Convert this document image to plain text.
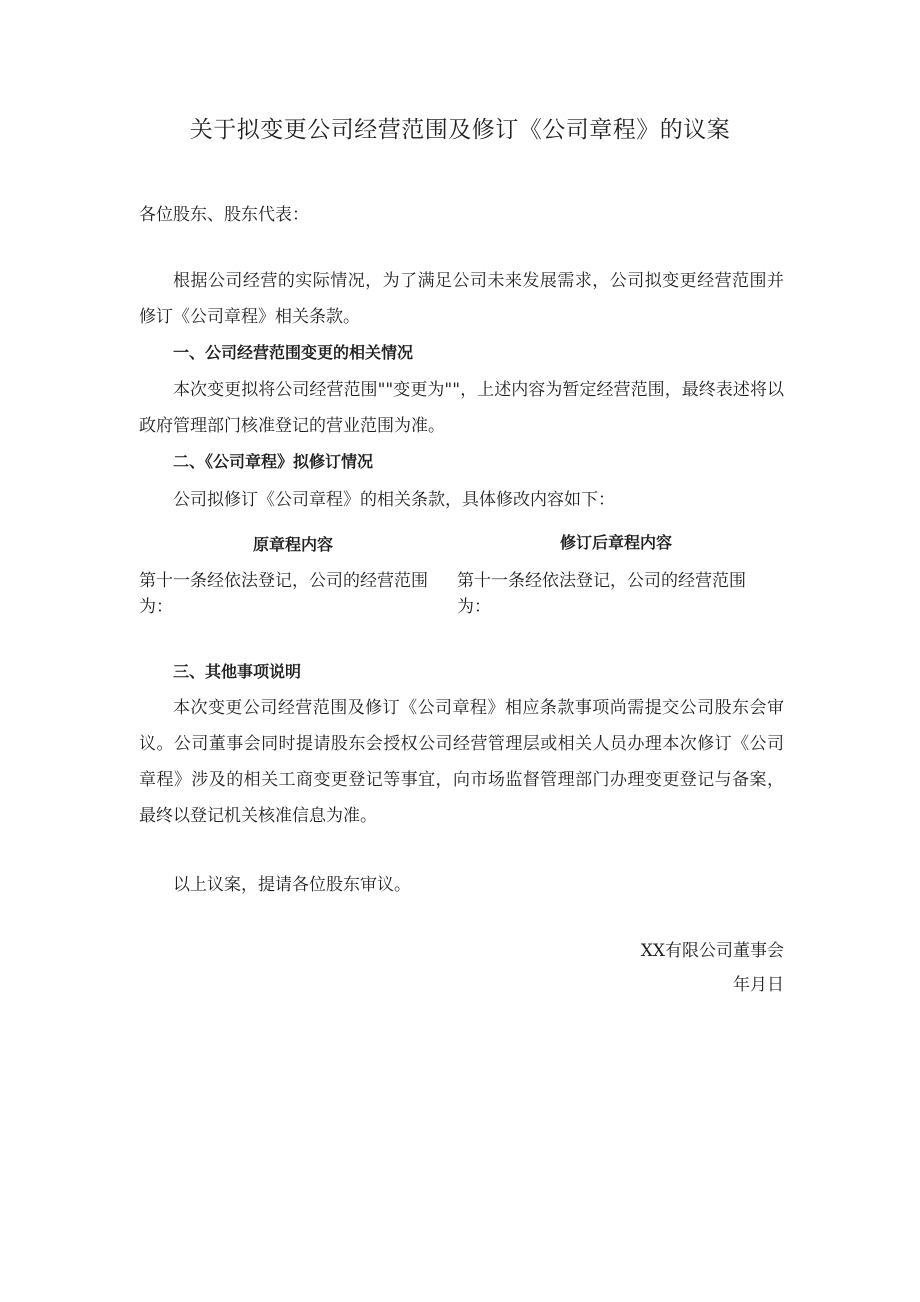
关于拟变更公司经营范围及修订《公司章程》的议案
各位股东、股东代表：
根据公司经营的实际情况，为了满足公司未来发展需求，公司拟变更经营范围并修订《公司章程》相关条款。
一、公司经营范围变更的相关情况
本次变更拟将公司经营范围""变更为""，上述内容为暂定经营范围，最终表述将以政府管理部门核准登记的营业范围为准。
二、《公司章程》拟修订情况
公司拟修订《公司章程》的相关条款，具体修改内容如下：
原章程内容	修订后章程内容
第十一条经依法登记，公司的经营范围为：
第十一条经依法登记，公司的经营范围为：
三、其他事项说明
本次变更公司经营范围及修订《公司章程》相应条款事项尚需提交公司股东会审议。公司董事会同时提请股东会授权公司经营管理层或相关人员办理本次修订《公司章程》涉及的相关工商变更登记等事宜，向市场监督管理部门办理变更登记与备案，最终以登记机关核准信息为准。
以上议案，提请各位股东审议。
XX有限公司董事会
年月日
